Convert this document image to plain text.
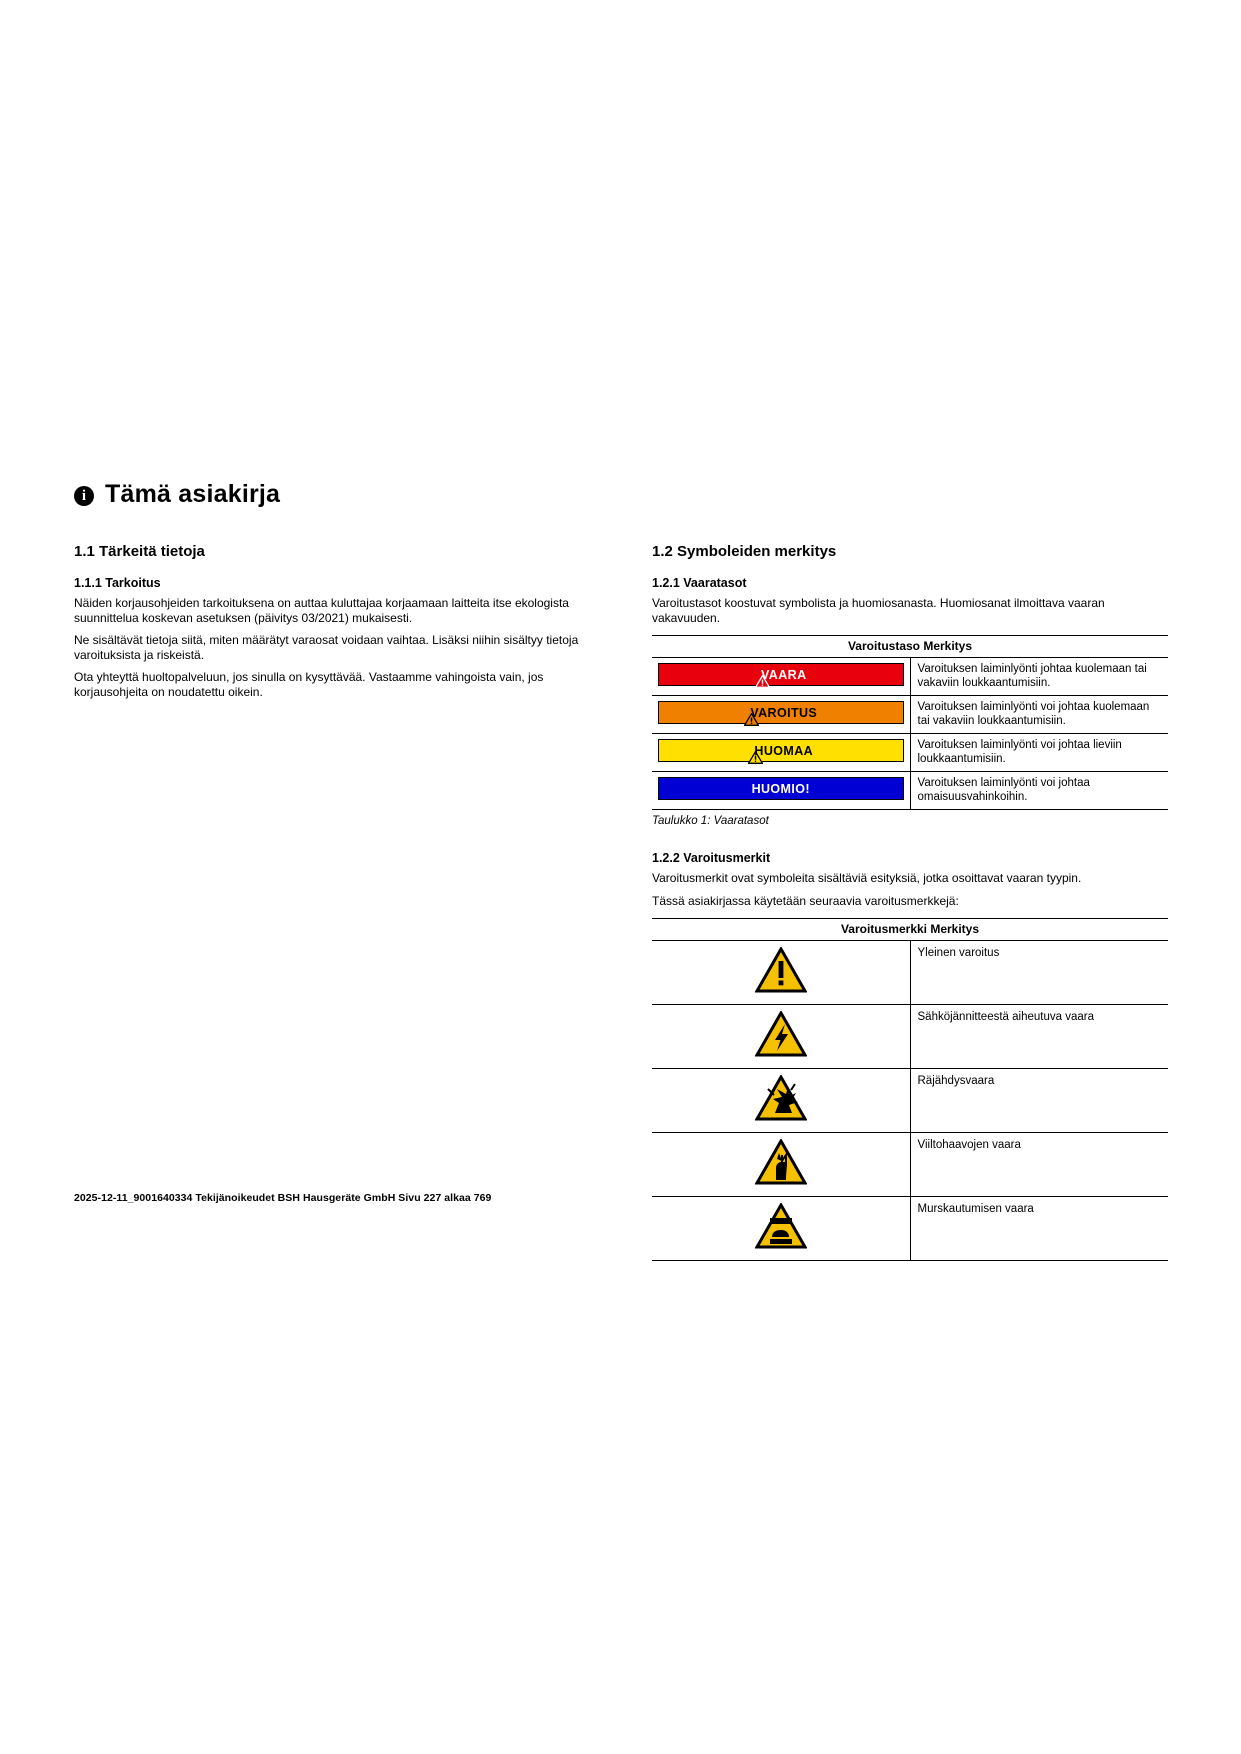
i Tämä asiakirja
1.1 Tärkeitä tietoja
1.1.1 Tarkoitus

Näiden korjausohjeiden tarkoituksena on auttaa kuluttajaa korjaamaan laitteita itse ekologista suunnittelua koskevan asetuksen (päivitys 03/2021) mukaisesti.

Ne sisältävät tietoja siitä, miten määrätyt varaosat voidaan vaihtaa. Lisäksi niihin sisältyy tietoja varoituksista ja riskeistä.

Ota yhteyttä huoltopalveluun, jos sinulla on kysyttävää. Vastaamme vahingoista vain, jos korjausohjeita on noudatettu oikein.

1.2 Symboleiden merkitys
1.2.1 Vaaratasot

Varoitustasot koostuvat symbolista ja huomiosanasta. Huomiosanat ilmoittava vaaran vakavuuden.

Varoitustaso Merkitys	

VAARA	Varoituksen laiminlyönti johtaa kuolemaan tai vakaviin loukkaantumisiin.

VAROITUS	Varoituksen laiminlyönti voi johtaa kuolemaan tai vakaviin loukkaantumisiin.

HUOMAA	Varoituksen laiminlyönti voi johtaa lieviin loukkaantumisiin.

HUOMIO!	Varoituksen laiminlyönti voi johtaa omaisuusvahinkoihin.
Taulukko 1: Vaaratasot
1.2.2 Varoitusmerkit

Varoitusmerkit ovat symboleita sisältäviä esityksiä, jotka osoittavat vaaran tyypin.

Tässä asiakirjassa käytetään seuraavia varoitusmerkkejä:

Varoitusmerkki Merkitys	
	Yleinen varoitus
	Sähköjännitteestä aiheutuva vaara
	Räjähdysvaara
	Viiltohaavojen vaara
	Murskautumisen vaara
2025-12-11_9001640334 Tekijänoikeudet BSH Hausgeräte GmbH Sivu 227 alkaa 769
